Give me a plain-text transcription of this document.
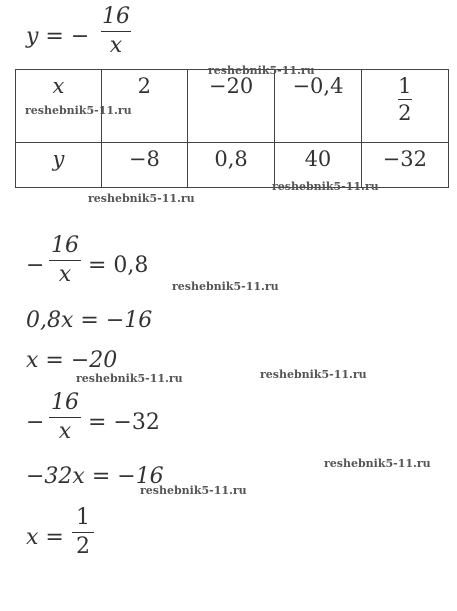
y = −
16
x
x	2	−20	−0,4	$\frac{1}{2}$

y	−8	0,8	40	−32
−
16
x = 0,8
0,8x = −16
x = −20
−
16
x = −32
−32x = −16
x =
1
2
reshebnik5-11.ru
reshebnik5-11.ru
reshebnik5-11.ru
reshebnik5-11.ru
reshebnik5-11.ru
reshebnik5-11.ru
reshebnik5-11.ru
reshebnik5-11.ru
reshebnik5-11.ru
